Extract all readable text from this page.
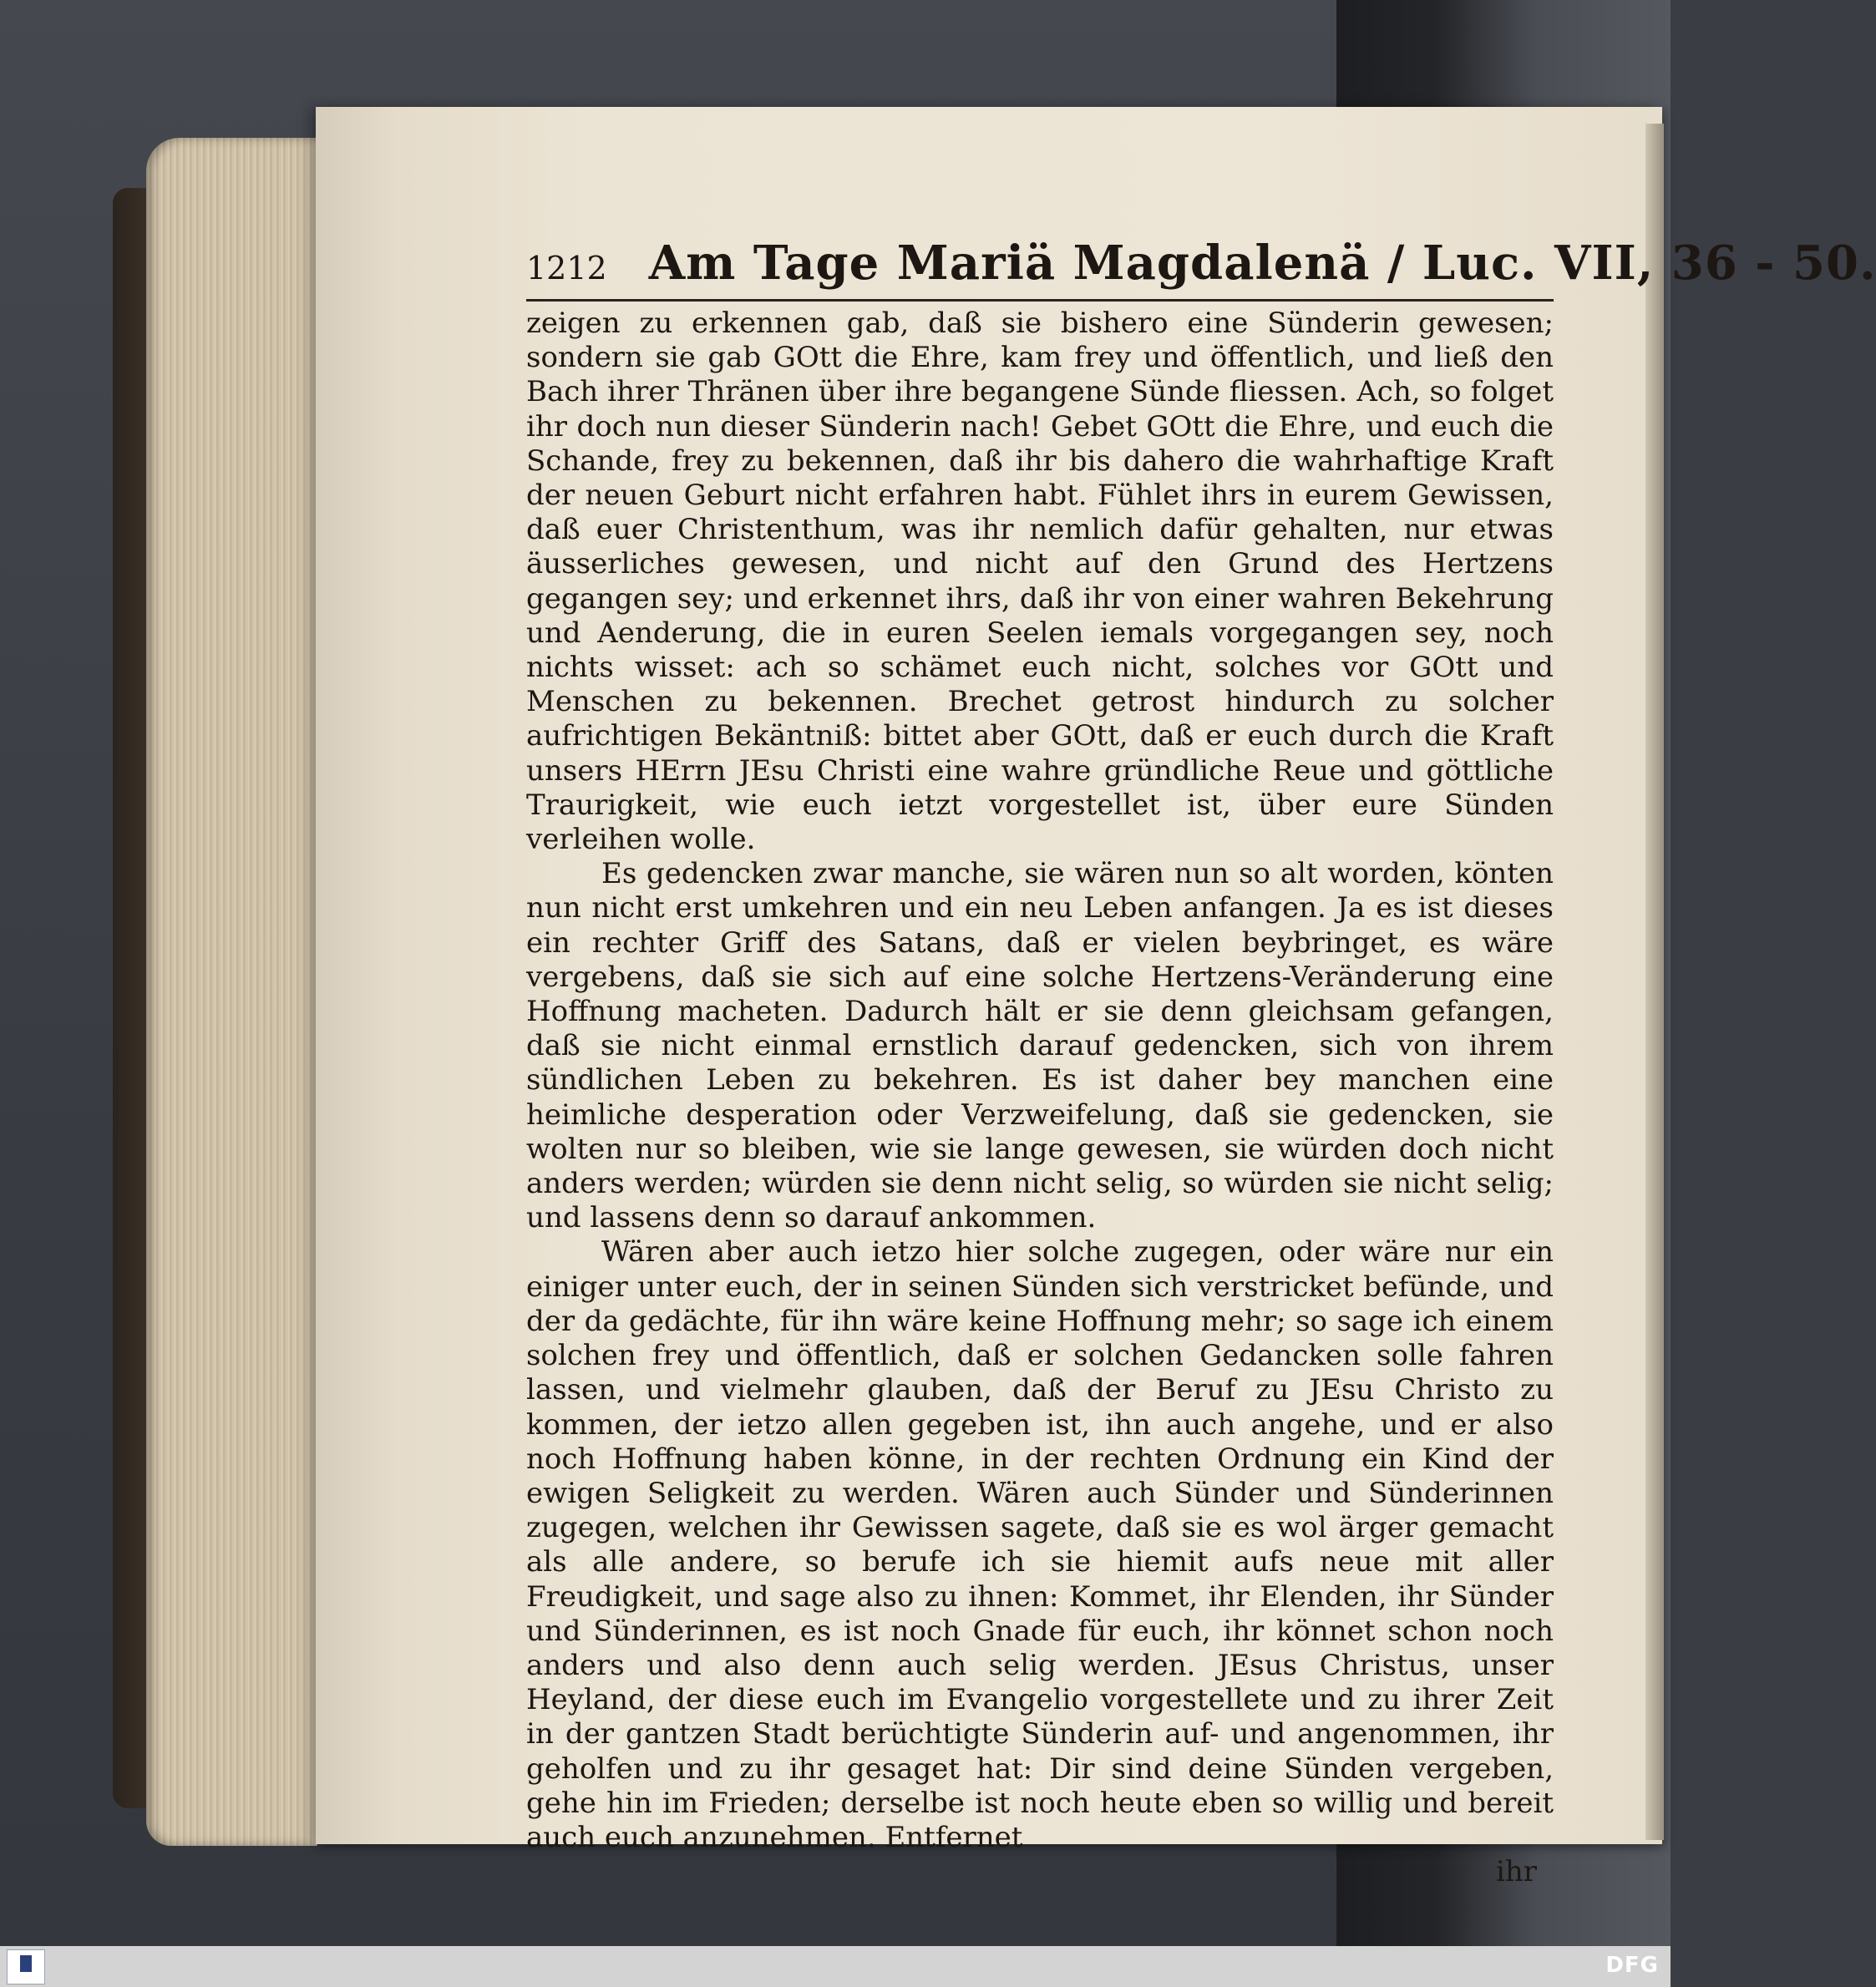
1212 Am Tage Mariä Magdalenä / Luc. VII, 36 - 50.

zeigen zu erkennen gab, daß sie bishero eine Sünderin gewesen; sondern sie gab GOtt die Ehre, kam frey und öffentlich, und ließ den Bach ihrer Thränen über ihre begangene Sünde fliessen. Ach, so folget ihr doch nun dieser Sünderin nach! Gebet GOtt die Ehre, und euch die Schande, frey zu bekennen, daß ihr bis dahero die wahrhaftige Kraft der neuen Geburt nicht erfahren habt. Fühlet ihrs in eurem Gewissen, daß euer Christenthum, was ihr nemlich dafür gehalten, nur etwas äusserliches gewesen, und nicht auf den Grund des Hertzens gegangen sey; und erkennet ihrs, daß ihr von einer wahren Bekehrung und Aenderung, die in euren Seelen iemals vorgegangen sey, noch nichts wisset: ach so schämet euch nicht, solches vor GOtt und Menschen zu bekennen. Brechet getrost hindurch zu solcher aufrichtigen Bekäntniß: bittet aber GOtt, daß er euch durch die Kraft unsers HErrn JEsu Christi eine wahre gründliche Reue und göttliche Traurigkeit, wie euch ietzt vorgestellet ist, über eure Sünden verleihen wolle.

Es gedencken zwar manche, sie wären nun so alt worden, könten nun nicht erst umkehren und ein neu Leben anfangen. Ja es ist dieses ein rechter Griff des Satans, daß er vielen beybringet, es wäre vergebens, daß sie sich auf eine solche Hertzens-Veränderung eine Hoffnung macheten. Dadurch hält er sie denn gleichsam gefangen, daß sie nicht einmal ernstlich darauf gedencken, sich von ihrem sündlichen Leben zu bekehren. Es ist daher bey manchen eine heimliche desperation oder Verzweifelung, daß sie gedencken, sie wolten nur so bleiben, wie sie lange gewesen, sie würden doch nicht anders werden; würden sie denn nicht selig, so würden sie nicht selig; und lassens denn so darauf ankommen.

Wären aber auch ietzo hier solche zugegen, oder wäre nur ein einiger unter euch, der in seinen Sünden sich verstricket befünde, und der da gedächte, für ihn wäre keine Hoffnung mehr; so sage ich einem solchen frey und öffentlich, daß er solchen Gedancken solle fahren lassen, und vielmehr glauben, daß der Beruf zu JEsu Christo zu kommen, der ietzo allen gegeben ist, ihn auch angehe, und er also noch Hoffnung haben könne, in der rechten Ordnung ein Kind der ewigen Seligkeit zu werden. Wären auch Sünder und Sünderinnen zugegen, welchen ihr Gewissen sagete, daß sie es wol ärger gemacht als alle andere, so berufe ich sie hiemit aufs neue mit aller Freudigkeit, und sage also zu ihnen: Kommet, ihr Elenden, ihr Sünder und Sünderinnen, es ist noch Gnade für euch, ihr könnet schon noch anders und also denn auch selig werden. JEsus Christus, unser Heyland, der diese euch im Evangelio vorgestellete und zu ihrer Zeit in der gantzen Stadt berüchtigte Sünderin auf- und angenommen, ihr geholfen und zu ihr gesaget hat: Dir sind deine Sünden vergeben, gehe hin im Frieden; derselbe ist noch heute eben so willig und bereit auch euch anzunehmen. Entfernet

ihr
DFG
